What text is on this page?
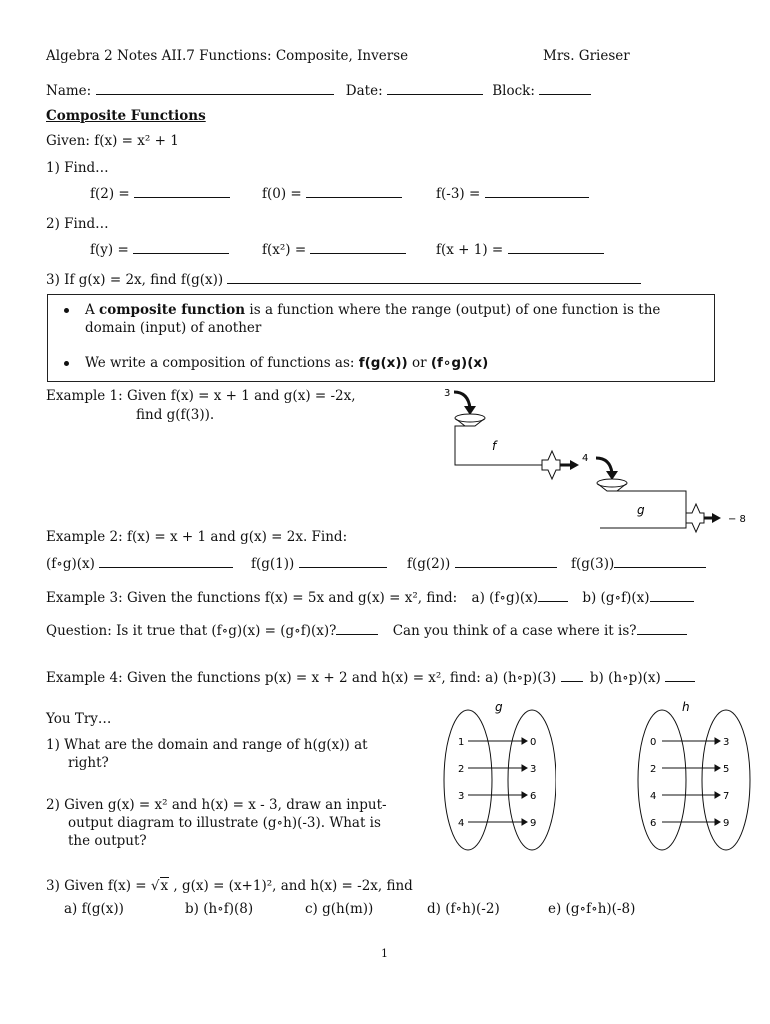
Algebra 2 Notes AII.7 Functions: Composite, Inverse	Mrs. Grieser
Name:	Date:	Block:
Composite Functions
Given: f(x) = x² + 1
1) Find…
f(2) =	f(0) =	f(-3) =
2) Find…
f(y) =	f(x²) =	f(x + 1) =
3) If g(x) = 2x, find f(g(x))
A composite function is a function where the range (output) of one function is the
domain (input) of another
We write a composition of functions as: f(g(x)) or (f∘g)(x)
Example 1: Given f(x) = x + 1 and g(x) = -2x,
find g(f(3)).
3
f
4
g
− 8
Example 2: f(x) = x + 1 and g(x) = 2x. Find:
(f∘g)(x)	f(g(1))	f(g(2))	f(g(3))
Example 3: Given the functions f(x) = 5x and g(x) = x², find: a) (f∘g)(x)	b) (g∘f)(x)
Question: Is it true that (f∘g)(x) = (g∘f)(x)?	Can you think of a case where it is?
Example 4: Given the functions p(x) = x + 2 and h(x) = x², find: a) (h∘p)(3) b) (h∘p)(x)
You Try…
1) What are the domain and range of h(g(x)) at
right?
2) Given g(x) = x² and h(x) = x - 3, draw an input-
output diagram to illustrate (g∘h)(-3). What is
the output?
3) Given f(x) = √x , g(x) = (x+1)², and h(x) = -2x, find
a) f(g(x))	b) (h∘f)(8)	c) g(h(m))	d) (f∘h)(-2)	e) (g∘f∘h)(-8)
g
1
2
3
4
0
3
6
9
h
0
2
4
6
3
5
7
9
1
